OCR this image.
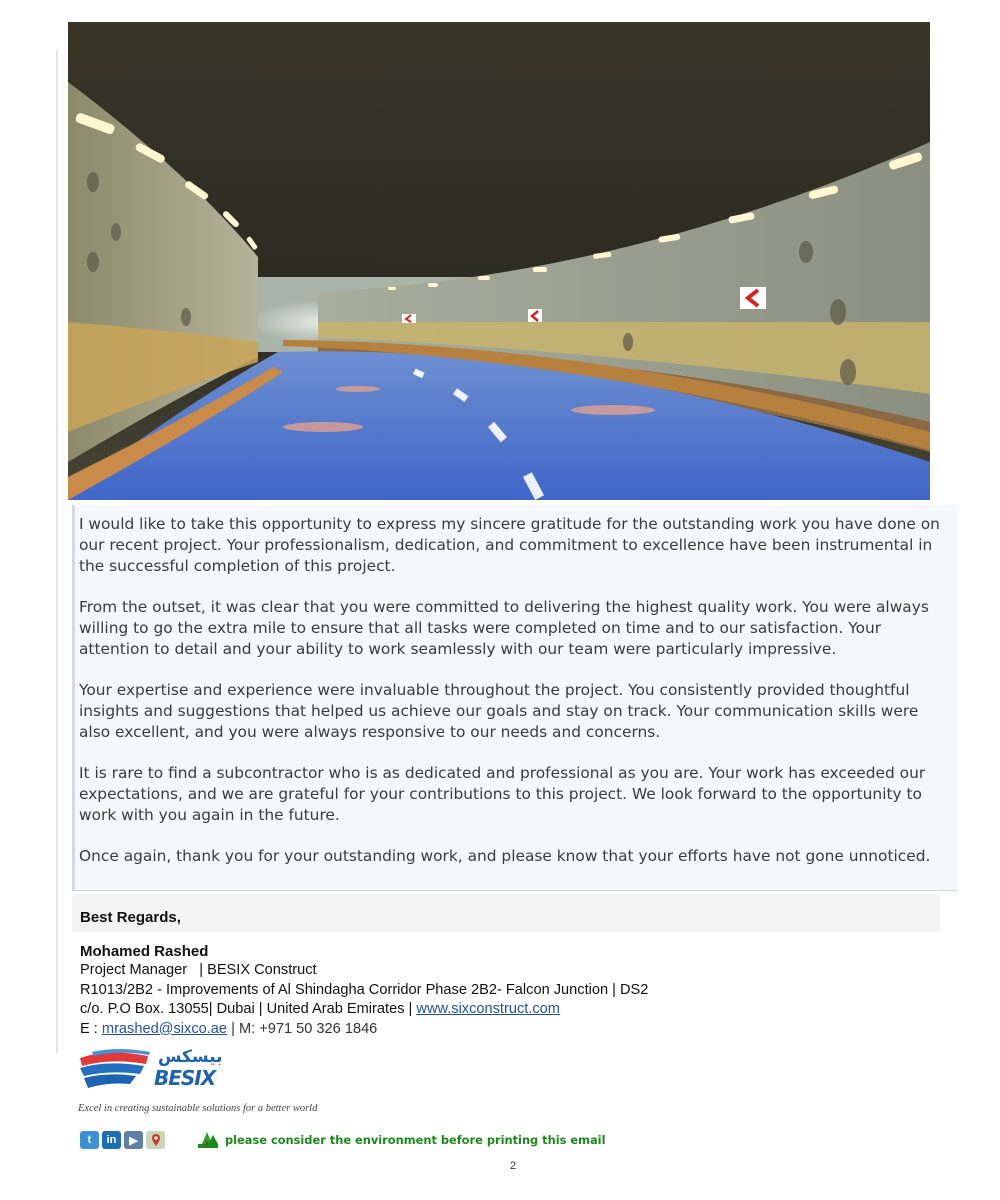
I would like to take this opportunity to express my sincere gratitude for the outstanding work you have done on our recent project. Your professionalism, dedication, and commitment to excellence have been instrumental in the successful completion of this project.

From the outset, it was clear that you were committed to delivering the highest quality work. You were always willing to go the extra mile to ensure that all tasks were completed on time and to our satisfaction. Your attention to detail and your ability to work seamlessly with our team were particularly impressive.

Your expertise and experience were invaluable throughout the project. You consistently provided thoughtful insights and suggestions that helped us achieve our goals and stay on track. Your communication skills were also excellent, and you were always responsive to our needs and concerns.

It is rare to find a subcontractor who is as dedicated and professional as you are. Your work has exceeded our expectations, and we are grateful for your contributions to this project. We look forward to the opportunity to work with you again in the future.

Once again, thank you for your outstanding work, and please know that your efforts have not gone unnoticed.

Best Regards,
Mohamed Rashed
Project Manager   | BESIX Construct
R1013/2B2 - Improvements of Al Shindagha Corridor Phase 2B2- Falcon Junction | DS2
c/o. P.O Box. 13055| Dubai | United Arab Emirates | www.sixconstruct.com
E : mrashed@sixco.ae | M: +971 50 326 1846
بيسكس
BESIX
Excel in creating sustainable solutions for a better world
t	in	▶	please consider the environment before printing this email
2
